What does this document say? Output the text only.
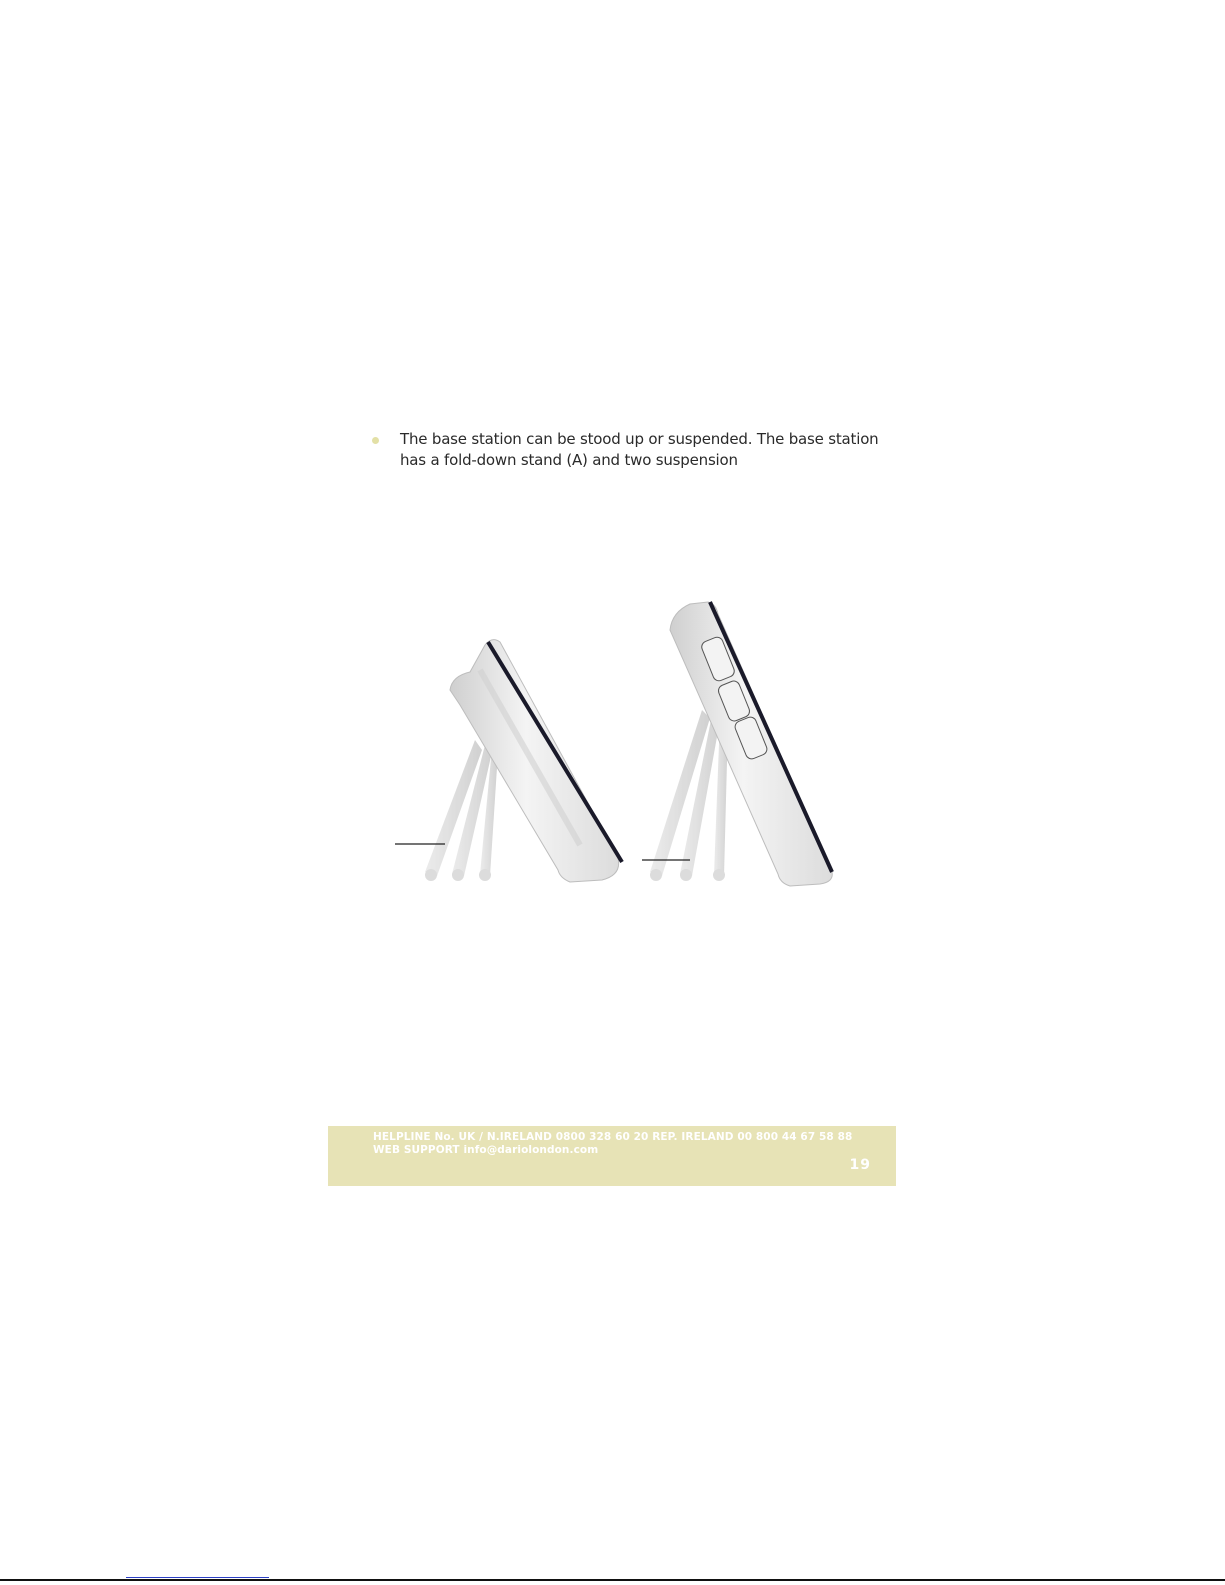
The base station can be stood up or suspended. The base station has a fold-down stand (A) and two suspension
HELPLINE No. UK / N.IRELAND 0800 328 60 20 REP. IRELAND 00 800 44 67 58 88
WEB SUPPORT info@dariolondon.com
19
